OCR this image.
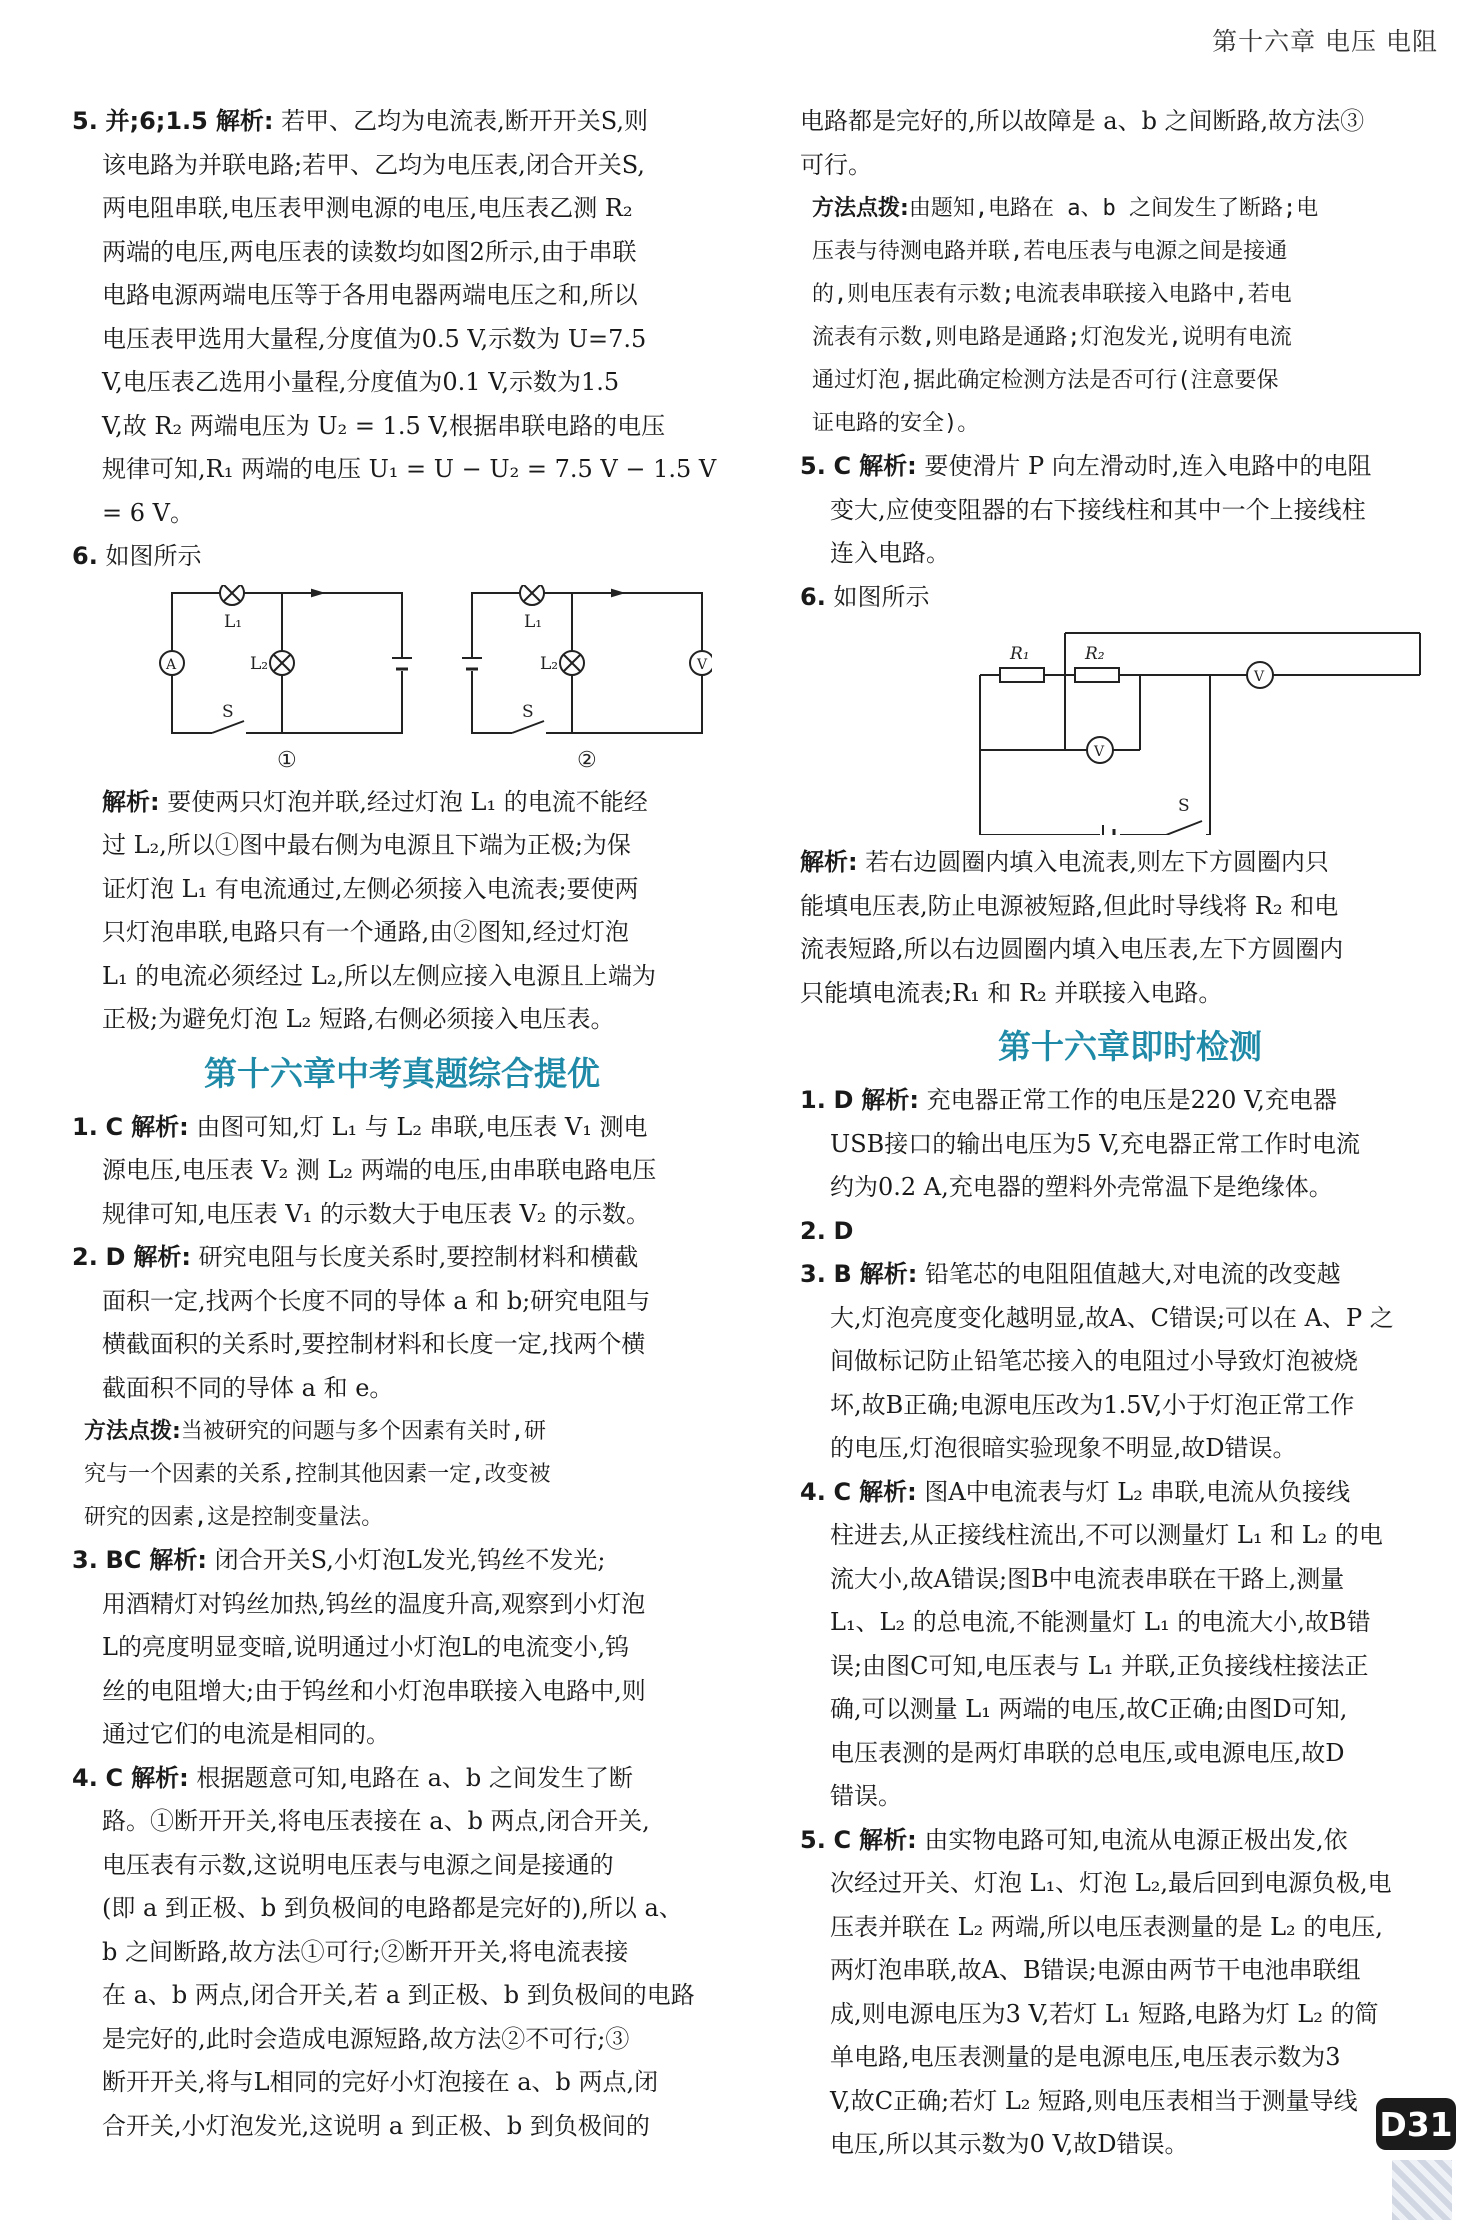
第十六章 电压 电阻
5. 并;6;1.5 解析: 若甲、乙均为电流表,断开开关S,则
该电路为并联电路;若甲、乙均为电压表,闭合开关S,
两电阻串联,电压表甲测电源的电压,电压表乙测 R₂
两端的电压,两电压表的读数均如图2所示,由于串联
电路电源两端电压等于各用电器两端电压之和,所以
电压表甲选用大量程,分度值为0.5 V,示数为 U=7.5
V,电压表乙选用小量程,分度值为0.1 V,示数为1.5
V,故 R₂ 两端电压为 U₂ = 1.5 V,根据串联电路的电压
规律可知,R₁ 两端的电压 U₁ = U − U₂ = 7.5 V − 1.5 V
= 6 V。
6. 如图所示
L₁
L₂
S
A
L₁
L₂
S
V
①	②
解析: 要使两只灯泡并联,经过灯泡 L₁ 的电流不能经
过 L₂,所以①图中最右侧为电源且下端为正极;为保
证灯泡 L₁ 有电流通过,左侧必须接入电流表;要使两
只灯泡串联,电路只有一个通路,由②图知,经过灯泡
L₁ 的电流必须经过 L₂,所以左侧应接入电源且上端为
正极;为避免灯泡 L₂ 短路,右侧必须接入电压表。
第十六章中考真题综合提优
1. C 解析: 由图可知,灯 L₁ 与 L₂ 串联,电压表 V₁ 测电
源电压,电压表 V₂ 测 L₂ 两端的电压,由串联电路电压
规律可知,电压表 V₁ 的示数大于电压表 V₂ 的示数。
2. D 解析: 研究电阻与长度关系时,要控制材料和横截
面积一定,找两个长度不同的导体 a 和 b;研究电阻与
横截面积的关系时,要控制材料和长度一定,找两个横
截面积不同的导体 a 和 e。
方法点拨:当被研究的问题与多个因素有关时,研
究与一个因素的关系,控制其他因素一定,改变被
研究的因素,这是控制变量法。
3. BC 解析: 闭合开关S,小灯泡L发光,钨丝不发光;
用酒精灯对钨丝加热,钨丝的温度升高,观察到小灯泡
L的亮度明显变暗,说明通过小灯泡L的电流变小,钨
丝的电阻增大;由于钨丝和小灯泡串联接入电路中,则
通过它们的电流是相同的。
4. C 解析: 根据题意可知,电路在 a、b 之间发生了断
路。①断开开关,将电压表接在 a、b 两点,闭合开关,
电压表有示数,这说明电压表与电源之间是接通的
(即 a 到正极、b 到负极间的电路都是完好的),所以 a、
b 之间断路,故方法①可行;②断开开关,将电流表接
在 a、b 两点,闭合开关,若 a 到正极、b 到负极间的电路
是完好的,此时会造成电源短路,故方法②不可行;③
断开开关,将与L相同的完好小灯泡接在 a、b 两点,闭
合开关,小灯泡发光,这说明 a 到正极、b 到负极间的
电路都是完好的,所以故障是 a、b 之间断路,故方法③
可行。
方法点拨:由题知,电路在 a、b 之间发生了断路;电
压表与待测电路并联,若电压表与电源之间是接通
的,则电压表有示数;电流表串联接入电路中,若电
流表有示数,则电路是通路;灯泡发光,说明有电流
通过灯泡,据此确定检测方法是否可行(注意要保
证电路的安全)。
5. C 解析: 要使滑片 P 向左滑动时,连入电路中的电阻
变大,应使变阻器的右下接线柱和其中一个上接线柱
连入电路。
6. 如图所示
R₁	R₂
V
V
S
解析: 若右边圆圈内填入电流表,则左下方圆圈内只
能填电压表,防止电源被短路,但此时导线将 R₂ 和电
流表短路,所以右边圆圈内填入电压表,左下方圆圈内
只能填电流表;R₁ 和 R₂ 并联接入电路。
第十六章即时检测
1. D 解析: 充电器正常工作的电压是220 V,充电器
USB接口的输出电压为5 V,充电器正常工作时电流
约为0.2 A,充电器的塑料外壳常温下是绝缘体。
2. D
3. B 解析: 铅笔芯的电阻阻值越大,对电流的改变越
大,灯泡亮度变化越明显,故A、C错误;可以在 A、P 之
间做标记防止铅笔芯接入的电阻过小导致灯泡被烧
坏,故B正确;电源电压改为1.5V,小于灯泡正常工作
的电压,灯泡很暗实验现象不明显,故D错误。
4. C 解析: 图A中电流表与灯 L₂ 串联,电流从负接线
柱进去,从正接线柱流出,不可以测量灯 L₁ 和 L₂ 的电
流大小,故A错误;图B中电流表串联在干路上,测量
L₁、L₂ 的总电流,不能测量灯 L₁ 的电流大小,故B错
误;由图C可知,电压表与 L₁ 并联,正负接线柱接法正
确,可以测量 L₁ 两端的电压,故C正确;由图D可知,
电压表测的是两灯串联的总电压,或电源电压,故D
错误。
5. C 解析: 由实物电路可知,电流从电源正极出发,依
次经过开关、灯泡 L₁、灯泡 L₂,最后回到电源负极,电
压表并联在 L₂ 两端,所以电压表测量的是 L₂ 的电压,
两灯泡串联,故A、B错误;电源由两节干电池串联组
成,则电源电压为3 V,若灯 L₁ 短路,电路为灯 L₂ 的简
单电路,电压表测量的是电源电压,电压表示数为3
V,故C正确;若灯 L₂ 短路,则电压表相当于测量导线
电压,所以其示数为0 V,故D错误。
D31
